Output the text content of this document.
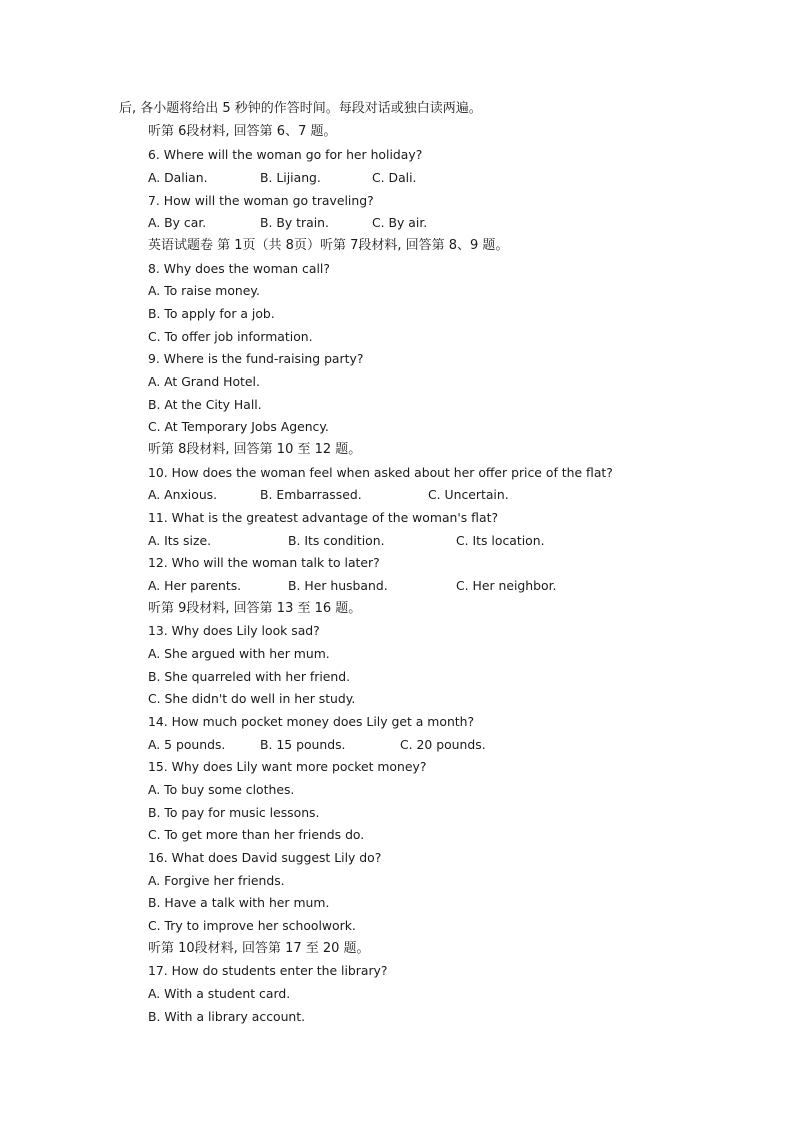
后, 各小题将给出 5 秒钟的作答时间。每段对话或独白读两遍。
听第 6段材料, 回答第 6、7 题。
6. Where will the woman go for her holiday?
A. Dalian.	B. Lijiang.	C. Dali.
7. How will the woman go traveling?
A. By car.	B. By train.	C. By air.
英语试题卷 第 1页（共 8页）听第 7段材料, 回答第 8、9 题。
8. Why does the woman call?
A. To raise money.
B. To apply for a job.
C. To offer job information.
9. Where is the fund-raising party?
A. At Grand Hotel.
B. At the City Hall.
C. At Temporary Jobs Agency.
听第 8段材料, 回答第 10 至 12 题。
10. How does the woman feel when asked about her offer price of the flat?
A. Anxious.	B. Embarrassed.	C. Uncertain.
11. What is the greatest advantage of the woman's flat?
A. Its size.	B. Its condition.	C. Its location.
12. Who will the woman talk to later?
A. Her parents.	B. Her husband.	C. Her neighbor.
听第 9段材料, 回答第 13 至 16 题。
13. Why does Lily look sad?
A. She argued with her mum.
B. She quarreled with her friend.
C. She didn't do well in her study.
14. How much pocket money does Lily get a month?
A. 5 pounds.	B. 15 pounds.	C. 20 pounds.
15. Why does Lily want more pocket money?
A. To buy some clothes.
B. To pay for music lessons.
C. To get more than her friends do.
16. What does David suggest Lily do?
A. Forgive her friends.
B. Have a talk with her mum.
C. Try to improve her schoolwork.
听第 10段材料, 回答第 17 至 20 题。
17. How do students enter the library?
A. With a student card.
B. With a library account.
